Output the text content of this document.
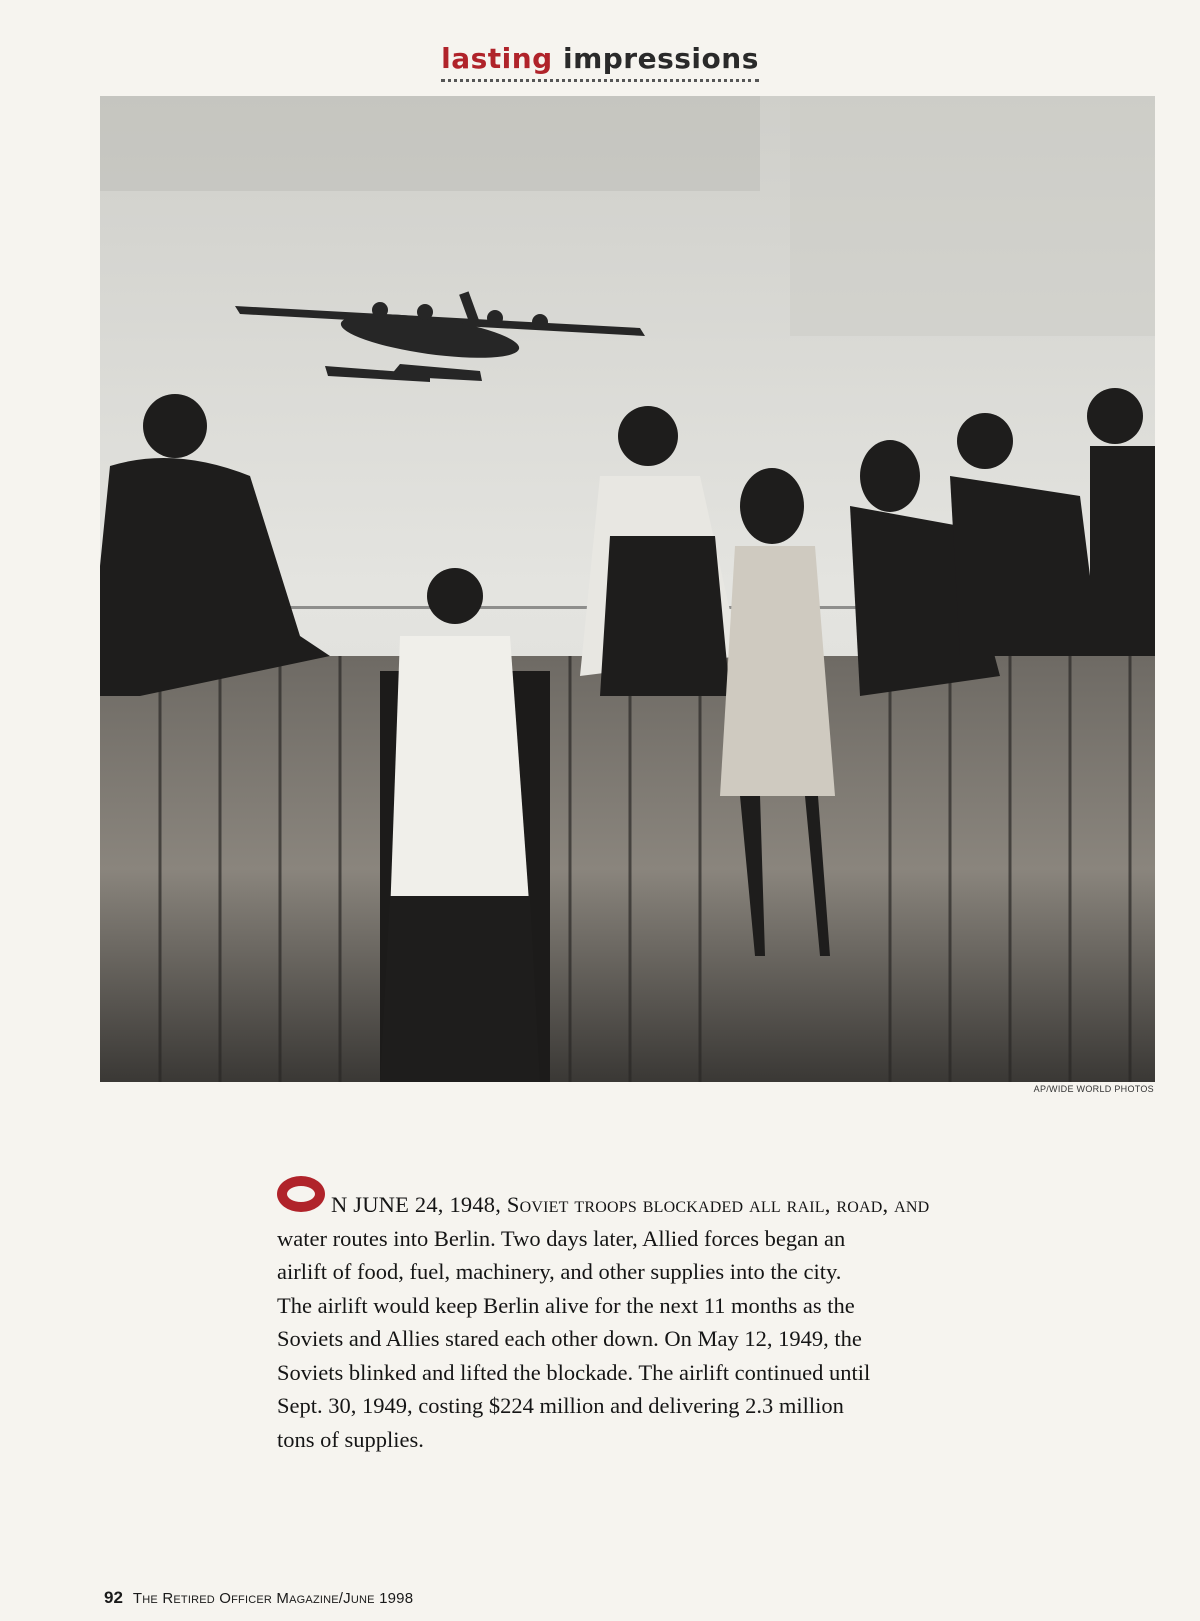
lasting impressions
AP/WIDE WORLD PHOTOS
N JUNE 24, 1948, Soviet troops blockaded all rail, road, and
water routes into Berlin. Two days later, Allied forces began an
airlift of food, fuel, machinery, and other supplies into the city.
The airlift would keep Berlin alive for the next 11 months as the
Soviets and Allies stared each other down. On May 12, 1949, the
Soviets blinked and lifted the blockade. The airlift continued until
Sept. 30, 1949, costing $224 million and delivering 2.3 million
tons of supplies.
92 The Retired Officer Magazine/June 1998
